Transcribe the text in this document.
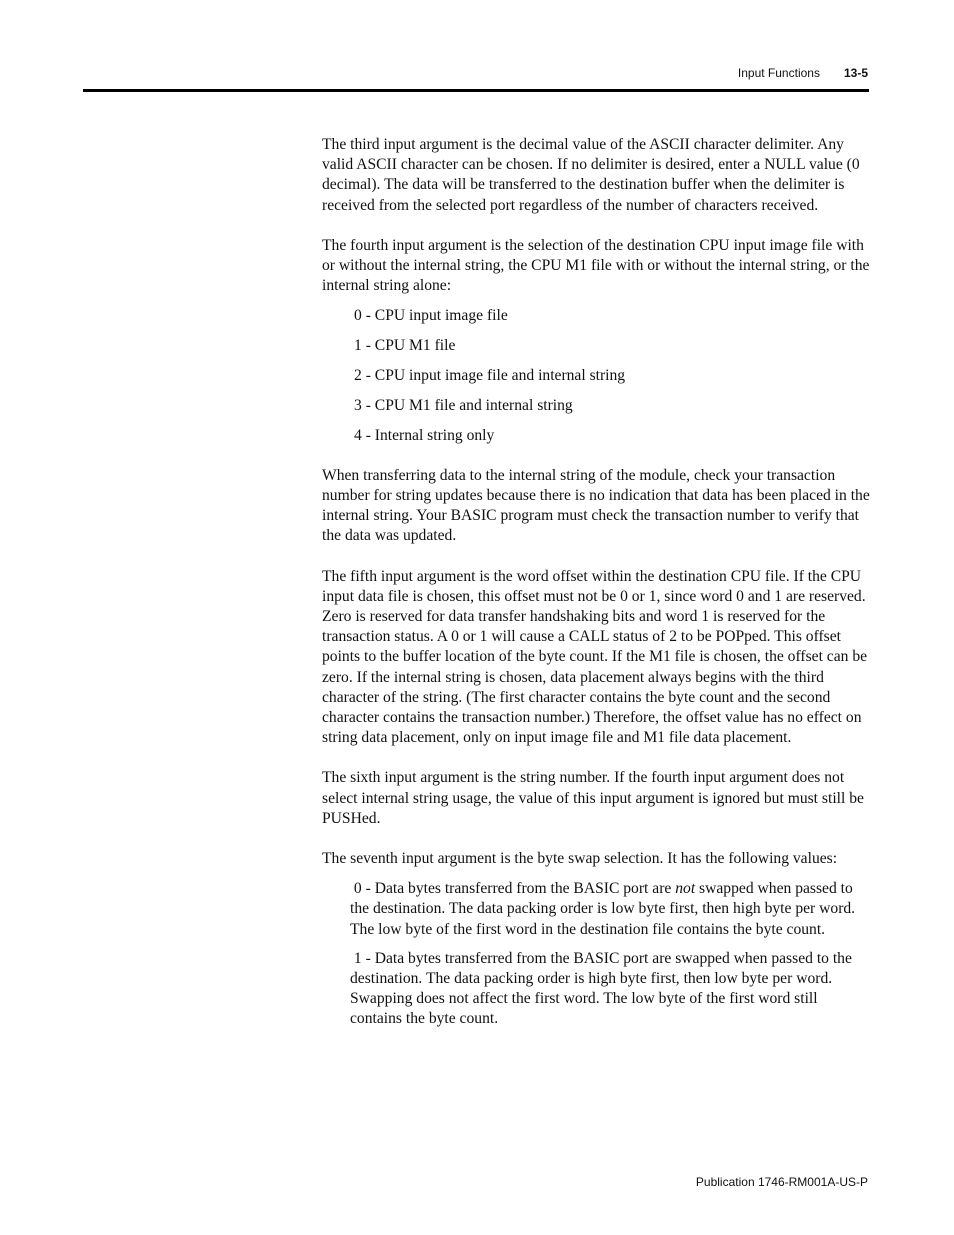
Input Functions 13-5

The third input argument is the decimal value of the ASCII character delimiter. Any valid ASCII character can be chosen. If no delimiter is desired, enter a NULL value (0 decimal). The data will be transferred to the destination buffer when the delimiter is received from the selected port regardless of the number of characters received.

The fourth input argument is the selection of the destination CPU input image file with or without the internal string, the CPU M1 file with or without the internal string, or the internal string alone:

0 - CPU input image file
1 - CPU M1 file
2 - CPU input image file and internal string
3 - CPU M1 file and internal string
4 - Internal string only

When transferring data to the internal string of the module, check your transaction number for string updates because there is no indication that data has been placed in the internal string. Your BASIC program must check the transaction number to verify that the data was updated.

The fifth input argument is the word offset within the destination CPU file. If the CPU input data file is chosen, this offset must not be 0 or 1, since word 0 and 1 are reserved. Zero is reserved for data transfer handshaking bits and word 1 is reserved for the transaction status. A 0 or 1 will cause a CALL status of 2 to be POPped. This offset points to the buffer location of the byte count. If the M1 file is chosen, the offset can be zero. If the internal string is chosen, data placement always begins with the third character of the string. (The first character contains the byte count and the second character contains the transaction number.) Therefore, the offset value has no effect on string data placement, only on input image file and M1 file data placement.

The sixth input argument is the string number. If the fourth input argument does not select internal string usage, the value of this input argument is ignored but must still be PUSHed.

The seventh input argument is the byte swap selection. It has the following values:

0 - Data bytes transferred from the BASIC port are not swapped when passed to the destination. The data packing order is low byte first, then high byte per word. The low byte of the first word in the destination file contains the byte count.
1 - Data bytes transferred from the BASIC port are swapped when passed to the destination. The data packing order is high byte first, then low byte per word. Swapping does not affect the first word. The low byte of the first word still contains the byte count.
Publication 1746-RM001A-US-P
